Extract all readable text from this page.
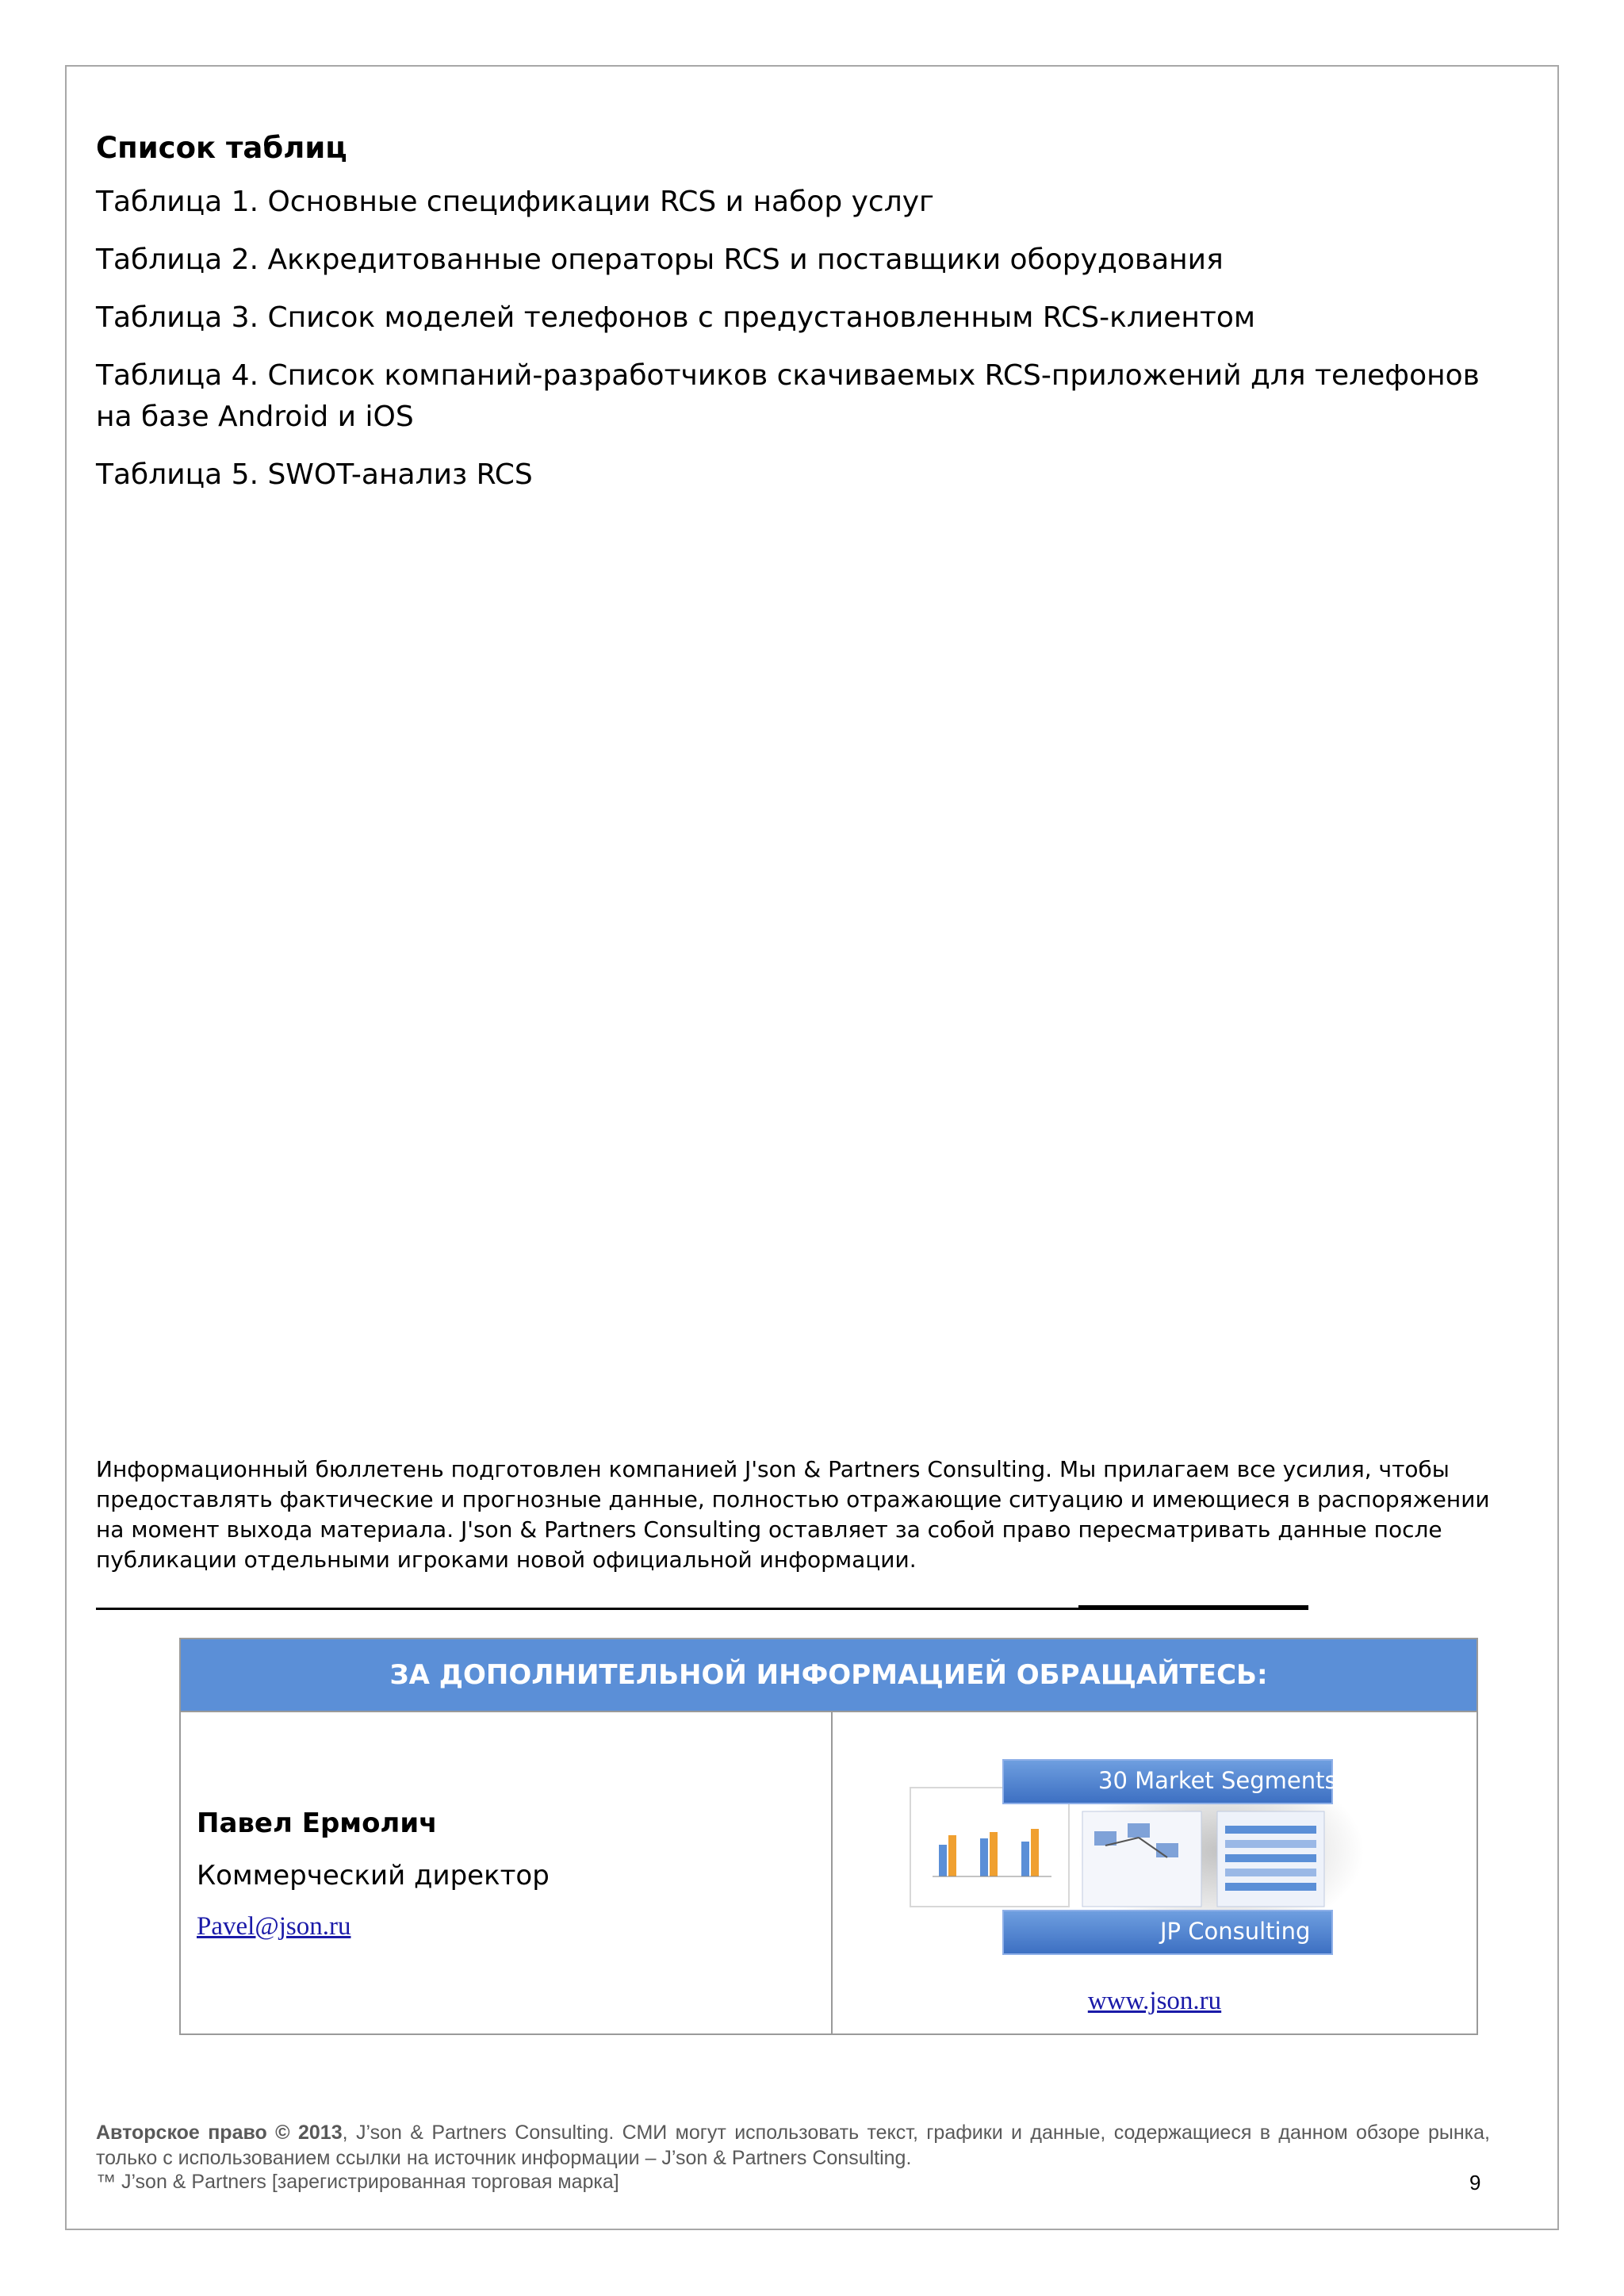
Список таблиц
Таблица 1. Основные спецификации RCS и набор услуг
Таблица 2. Аккредитованные операторы RCS и поставщики оборудования
Таблица 3. Список моделей телефонов с предустановленным RCS-клиентом
Таблица 4. Список компаний-разработчиков скачиваемых RCS-приложений для телефонов на базе Android и iOS
Таблица 5. SWOT-анализ RCS
Информационный бюллетень подготовлен компанией J'son & Partners Consulting. Мы прилагаем все усилия, чтобы предоставлять фактические и прогнозные данные, полностью отражающие ситуацию и имеющиеся в распоряжении на момент выхода материала. J'son & Partners Consulting оставляет за собой право пересматривать данные после публикации отдельными игроками новой официальной информации.
ЗА ДОПОЛНИТЕЛЬНОЙ ИНФОРМАЦИЕЙ ОБРАЩАЙТЕСЬ:
Павел Ермолич
Коммерческий директор
Pavel@json.ru
30 Market Segments
JP Consulting
www.json.ru
Авторское право © 2013, J’son & Partners Consulting. СМИ могут использовать текст, графики и данные, содержащиеся в данном обзоре рынка, только с использованием ссылки на источник информации – J’son & Partners Consulting.
™ J’son & Partners [зарегистрированная торговая марка]	9
